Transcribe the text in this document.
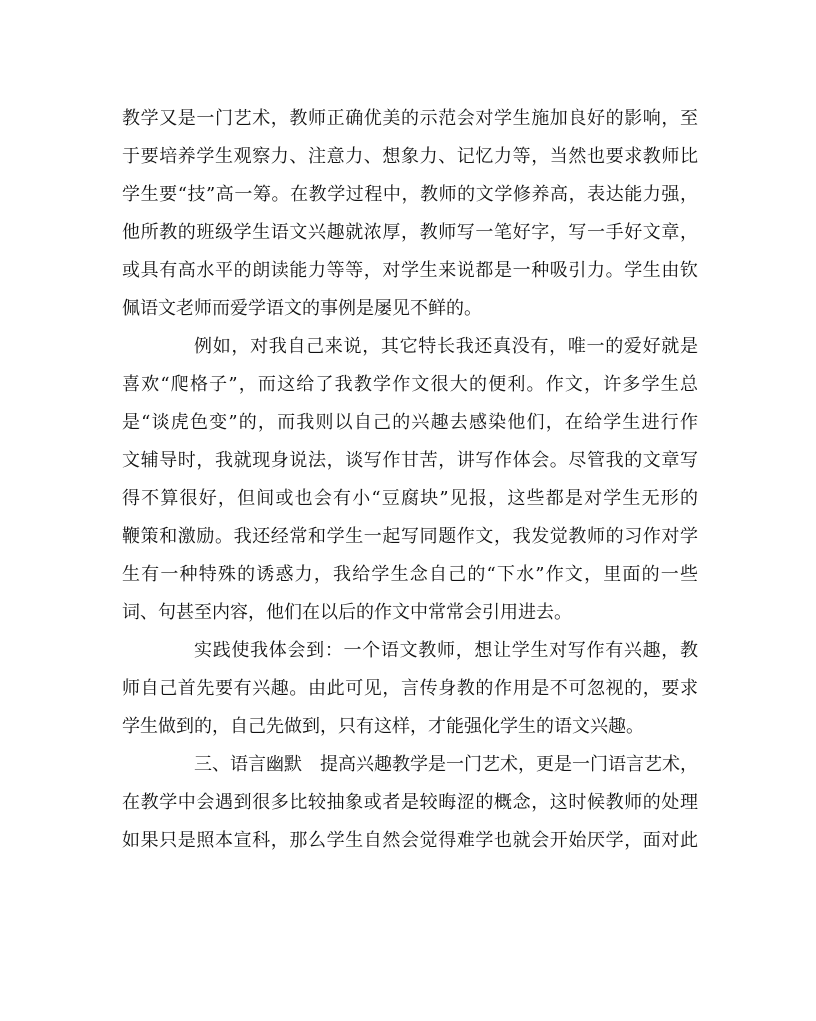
教学又是一门艺术，教师正确优美的示范会对学生施加良好的影响，至
于要培养学生观察力、注意力、想象力、记忆力等，当然也要求教师比
学生要“技”高一筹。在教学过程中，教师的文学修养高，表达能力强，
他所教的班级学生语文兴趣就浓厚，教师写一笔好字，写一手好文章，
或具有高水平的朗读能力等等，对学生来说都是一种吸引力。学生由钦
佩语文老师而爱学语文的事例是屡见不鲜的。
例如，对我自己来说，其它特长我还真没有，唯一的爱好就是
喜欢“爬格子”，而这给了我教学作文很大的便利。作文，许多学生总
是“谈虎色变”的，而我则以自己的兴趣去感染他们，在给学生进行作
文辅导时，我就现身说法，谈写作甘苦，讲写作体会。尽管我的文章写
得不算很好，但间或也会有小“豆腐块”见报，这些都是对学生无形的
鞭策和激励。我还经常和学生一起写同题作文，我发觉教师的习作对学
生有一种特殊的诱惑力，我给学生念自己的“下水”作文，里面的一些
词、句甚至内容，他们在以后的作文中常常会引用进去。
实践使我体会到：一个语文教师，想让学生对写作有兴趣，教
师自己首先要有兴趣。由此可见，言传身教的作用是不可忽视的，要求
学生做到的，自己先做到，只有这样，才能强化学生的语文兴趣。
三、语言幽默　提高兴趣教学是一门艺术，更是一门语言艺术，
在教学中会遇到很多比较抽象或者是较晦涩的概念，这时候教师的处理
如果只是照本宣科，那么学生自然会觉得难学也就会开始厌学，面对此
